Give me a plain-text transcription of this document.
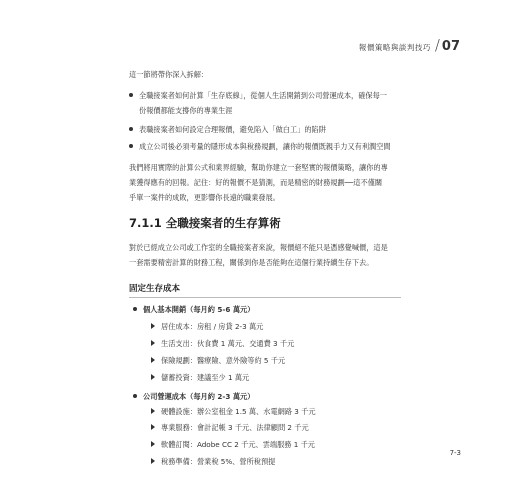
報價策略與談判技巧 / 07
這一節將帶你深入拆解：
全職接案者如何計算「生存底線」，從個人生活開銷到公司營運成本，確保每一
份報價都能支撐你的專業生涯
表職接案者如何設定合理報價，避免陷入「做白工」的陷阱
成立公司後必須考量的隱形成本與稅務規劃，讓你的報價既親手力又有利潤空間
我們將用實際的計算公式和業界經驗，幫助你建立一套堅實的報價策略，讓你的專
業獲得應有的回報。記住：好的報價不是猜測，而是精密的財務規劃──這不僅關
乎單一案件的成敗，更影響你長遠的職業發展。
7.1.1 全職接案者的生存算術
對於已經成立公司或工作室的全職接案者來說，報價絕不能只是憑感覺喊價，這是
一套需要精密計算的財務工程，關係到你是否能夠在這個行業持續生存下去。
固定生存成本
個人基本開銷（每月約 5-6 萬元）
居住成本：房租 / 房貸 2-3 萬元
生活支出：伙食費 1 萬元、交通費 3 千元
保險規劃：醫療險、意外險等約 5 千元
儲蓄投資：建議至少 1 萬元
公司營運成本（每月約 2-3 萬元）
硬體設施：辦公室租金 1.5 萬、水電網路 3 千元
專業服務：會計記帳 3 千元、法律顧問 2 千元
軟體訂閱：Adobe CC 2 千元、雲端服務 1 千元
稅務準備：營業稅 5%、營所稅預提
7-3
